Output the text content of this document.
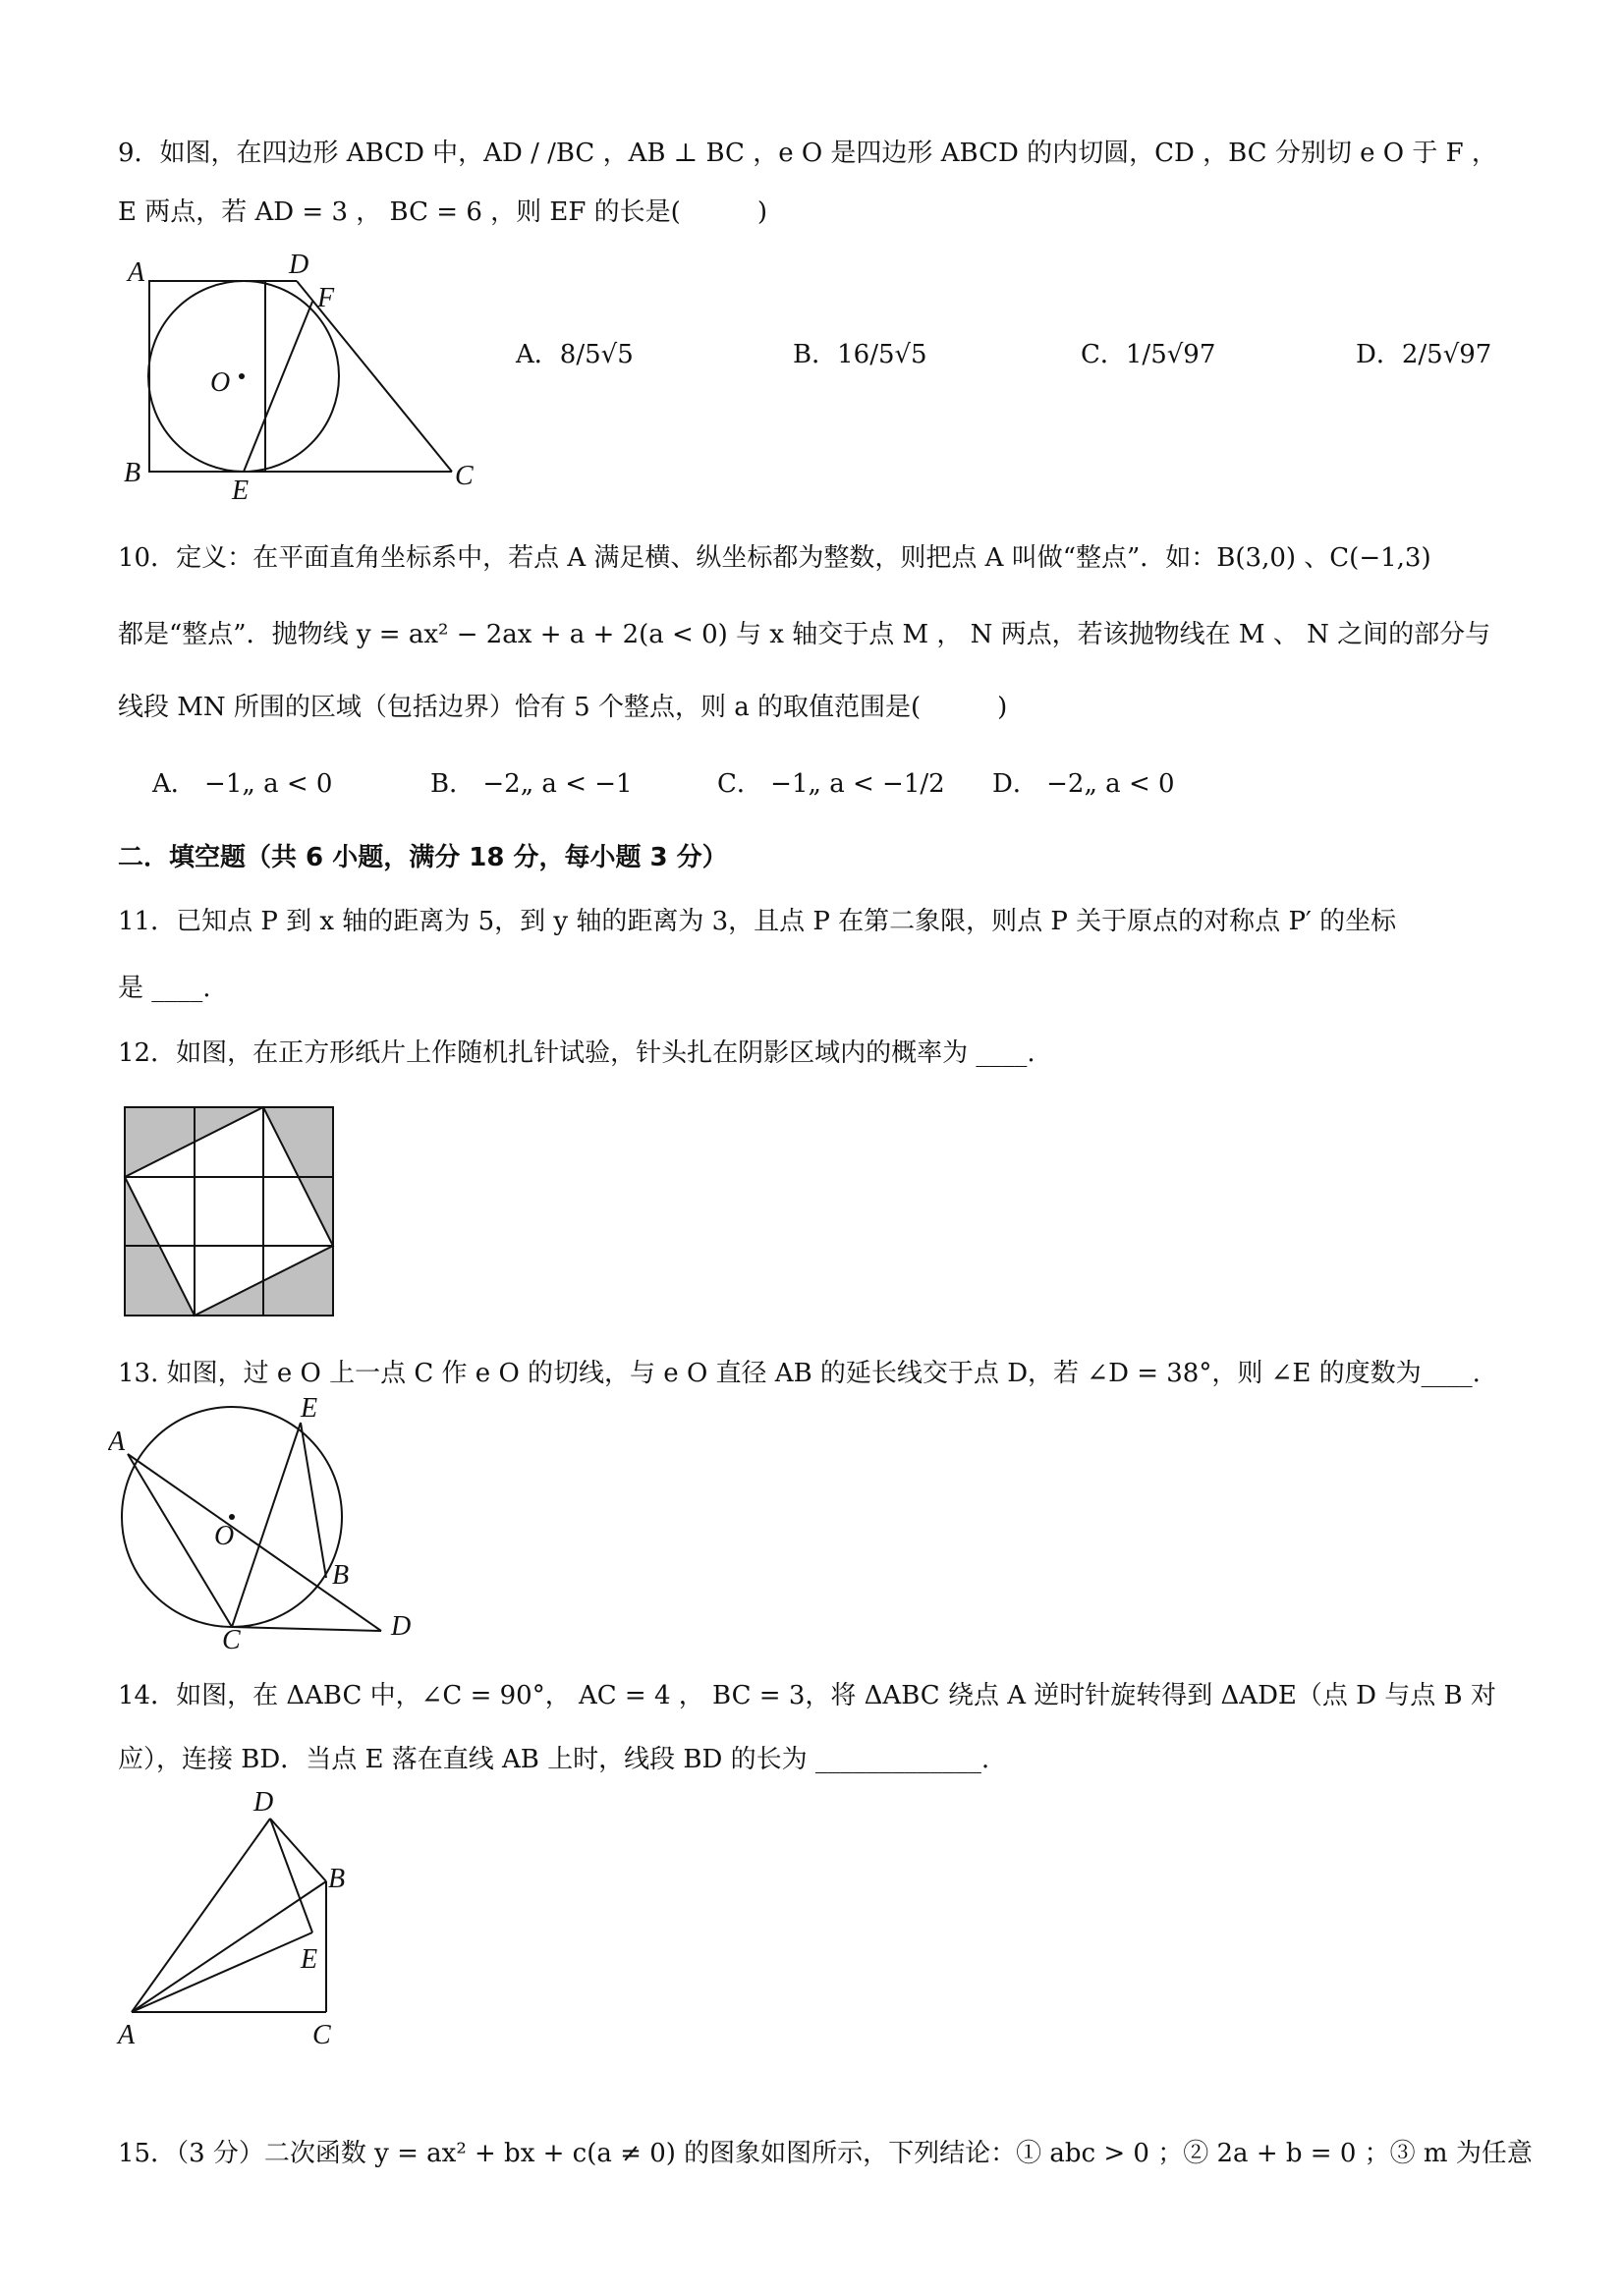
9．如图，在四边形 ABCD 中，AD / /BC ，AB ⊥ BC ，e O 是四边形 ABCD 的内切圆，CD ，BC 分别切 e O 于 F ，
E 两点，若 AD = 3 ， BC = 6 ，则 EF 的长是(　　　)
A	D
F
O
B
E	C
A．8/5√5	B．16/5√5	C．1/5√97	D．2/5√97
10．定义：在平面直角坐标系中，若点 A 满足横、纵坐标都为整数，则把点 A 叫做“整点”．如：B(3,0) 、C(−1,3)
都是“整点”．抛物线 y = ax² − 2ax + a + 2(a < 0) 与 x 轴交于点 M ， N 两点，若该抛物线在 M 、 N 之间的部分与
线段 MN 所围的区域（包括边界）恰有 5 个整点，则 a 的取值范围是(　　　)
A． −1„ a < 0	B． −2„ a < −1	C． −1„ a < −1/2 D． −2„ a < 0
二．填空题（共 6 小题，满分 18 分，每小题 3 分）
11．已知点 P 到 x 轴的距离为 5，到 y 轴的距离为 3，且点 P 在第二象限，则点 P 关于原点的对称点 P′ 的坐标
是 ____.
12．如图，在正方形纸片上作随机扎针试验，针头扎在阴影区域内的概率为 ____.
13. 如图，过 e O 上一点 C 作 e O 的切线，与 e O 直径 AB 的延长线交于点 D，若 ∠D = 38°，则 ∠E 的度数为____.
A
E
O
B
C	D
14．如图，在 ΔABC 中，∠C = 90°， AC = 4 ， BC = 3，将 ΔABC 绕点 A 逆时针旋转得到 ΔADE（点 D 与点 B 对
应），连接 BD．当点 E 落在直线 AB 上时，线段 BD 的长为 _____________.
D
B
E
A	C
15．（3 分）二次函数 y = ax² + bx + c(a ≠ 0) 的图象如图所示，下列结论：① abc > 0 ；② 2a + b = 0 ；③ m 为任意
